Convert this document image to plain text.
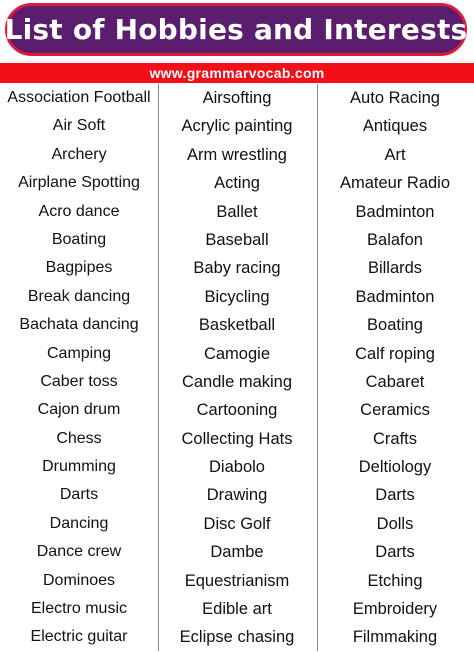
List of Hobbies and Interests
www.grammarvocab.com
Association Football
Air Soft
Archery
Airplane Spotting
Acro dance
Boating
Bagpipes
Break dancing
Bachata dancing
Camping
Caber toss
Cajon drum
Chess
Drumming
Darts
Dancing
Dance crew
Dominoes
Electro music
Electric guitar
Airsofting
Acrylic painting
Arm wrestling
Acting
Ballet
Baseball
Baby racing
Bicycling
Basketball
Camogie
Candle making
Cartooning
Collecting Hats
Diabolo
Drawing
Disc Golf
Dambe
Equestrianism
Edible art
Eclipse chasing
Auto Racing
Antiques
Art
Amateur Radio
Badminton
Balafon
Billards
Badminton
Boating
Calf roping
Cabaret
Ceramics
Crafts
Deltiology
Darts
Dolls
Darts
Etching
Embroidery
Filmmaking
